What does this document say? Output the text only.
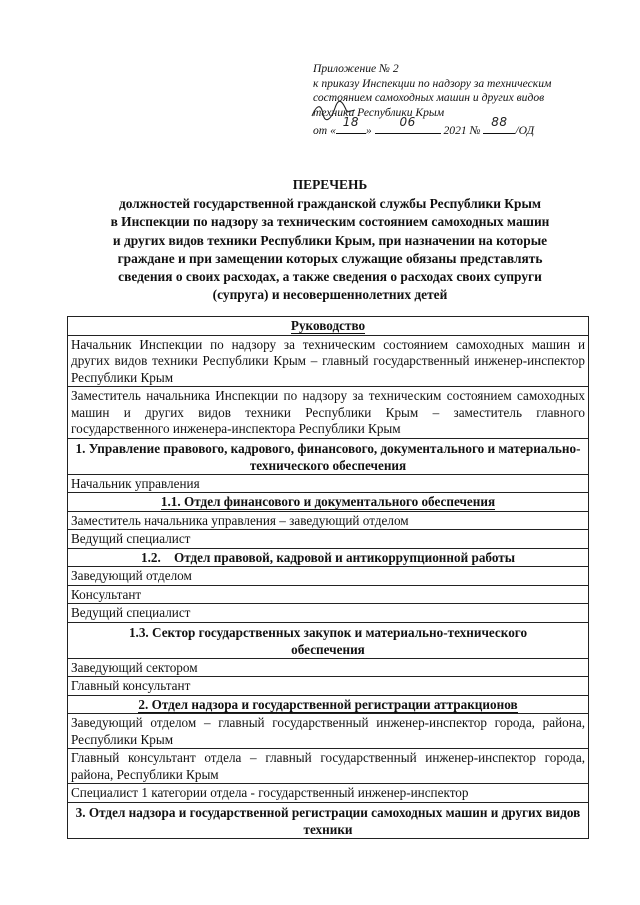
Приложение № 2
к приказу Инспекции по надзору за техническим
состоянием самоходных машин и других видов
техники Республики Крым
от «
18
»
06
2021 №
88
/ОД
ПЕРЕЧЕНЬ
должностей государственной гражданской службы Республики Крым
в Инспекции по надзору за техническим состоянием самоходных машин
и других видов техники Республики Крым, при назначении на которые
граждане и при замещении которых служащие обязаны представлять
сведения о своих расходах, а также сведения о расходах своих супруги
(супруга) и несовершеннолетних детей
Руководство
Начальник Инспекции по надзору за техническим состоянием самоходных машин и других видов техники Республики Крым – главный государственный инженер-инспектор Республики Крым
Заместитель начальника Инспекции по надзору за техническим состоянием самоходных машин и других видов техники Республики Крым – заместитель главного государственного инженера-инспектора Республики Крым
1. Управление правового, кадрового, финансового, документального и материально-технического обеспечения
Начальник управления
1.1. Отдел финансового и документального обеспечения
Заместитель начальника управления – заведующий отделом
Ведущий специалист
1.2.    Отдел правовой, кадровой и антикоррупционной работы
Заведующий отделом
Консультант
Ведущий специалист
1.3. Сектор государственных закупок и материально-технического обеспечения
Заведующий сектором
Главный консультант
2. Отдел надзора и государственной регистрации аттракционов
Заведующий отделом – главный государственный инженер-инспектор города, района, Республики Крым
Главный консультант отдела – главный государственный инженер-инспектор города, района, Республики Крым
Специалист 1 категории отдела - государственный инженер-инспектор
3. Отдел надзора и государственной регистрации самоходных машин и других видов техники
